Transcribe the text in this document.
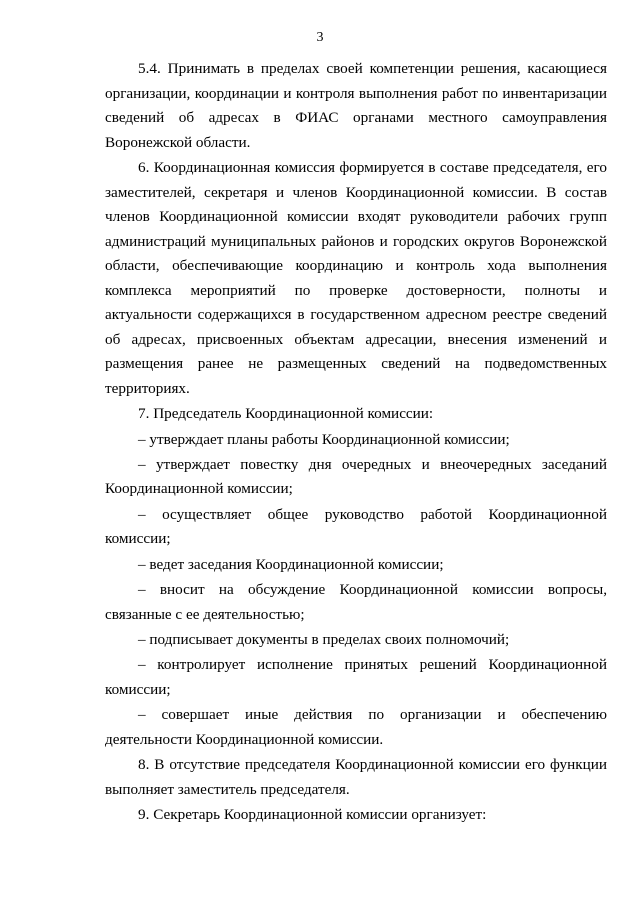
3

5.4. Принимать в пределах своей компетенции решения, касающиеся организации, координации и контроля выполнения работ по инвентаризации сведений об адресах в ФИАС органами местного самоуправления Воронежской области.

6. Координационная комиссия формируется в составе председателя, его заместителей, секретаря и членов Координационной комиссии. В состав членов Координационной комиссии входят руководители рабочих групп администраций муниципальных районов и городских округов Воронежской области, обеспечивающие координацию и контроль хода выполнения комплекса мероприятий по проверке достоверности, полноты и актуальности содержащихся в государственном адресном реестре сведений об адресах, присвоенных объектам адресации, внесения изменений и размещения ранее не размещенных сведений на подведомственных территориях.

7. Председатель Координационной комиссии:

– утверждает планы работы Координационной комиссии;

– утверждает повестку дня очередных и внеочередных заседаний Координационной комиссии;

– осуществляет общее руководство работой Координационной комиссии;

– ведет заседания Координационной комиссии;

– вносит на обсуждение Координационной комиссии вопросы, связанные с ее деятельностью;

– подписывает документы в пределах своих полномочий;

– контролирует исполнение принятых решений Координационной комиссии;

– совершает иные действия по организации и обеспечению деятельности Координационной комиссии.

8. В отсутствие председателя Координационной комиссии его функции выполняет заместитель председателя.

9. Секретарь Координационной комиссии организует:
